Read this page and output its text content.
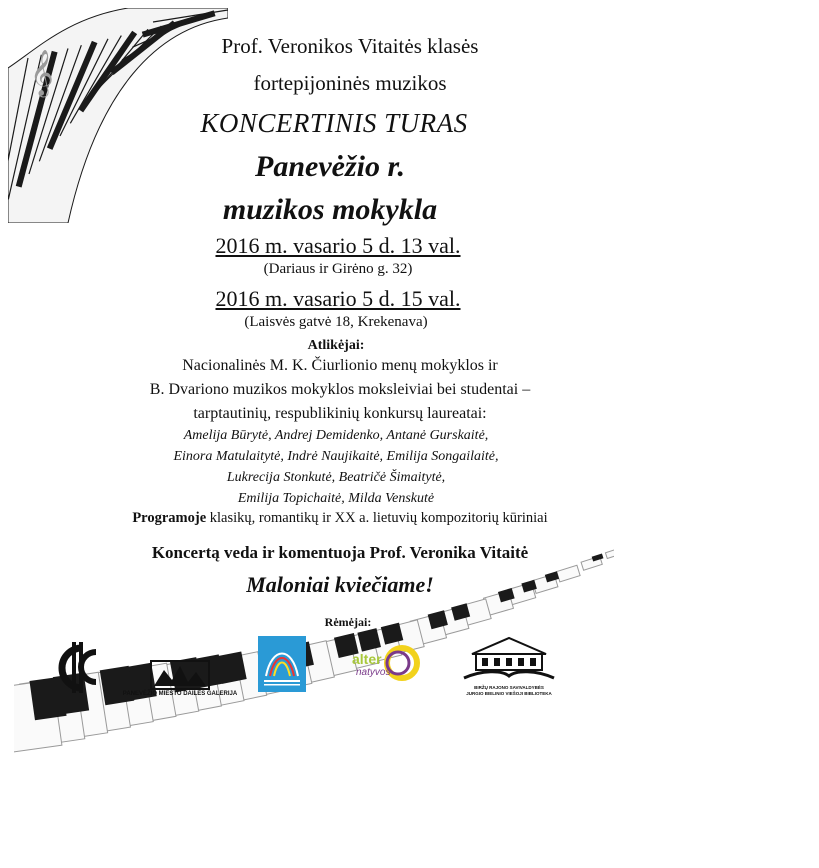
𝄞
Prof. Veronikos Vitaitės klasės
fortepijoninės muzikos
KONCERTINIS TURAS
Panevėžio r.
muzikos mokykla
2016 m. vasario 5 d. 13 val.
(Dariaus ir Girėno g. 32)
2016 m. vasario 5 d. 15 val.
(Laisvės gatvė 18, Krekenava)
Atlikėjai:
Nacionalinės M. K. Čiurlionio menų mokyklos ir
B. Dvariono muzikos mokyklos moksleiviai bei studentai –
tarptautinių, respublikinių konkursų laureatai:
Amelija Būrytė, Andrej Demidenko, Antanė Gurskaitė,
Einora Matulaitytė, Indrė Naujikaitė, Emilija Songailaitė,
Lukrecija Stonkutė, Beatričė Šimaitytė,
Emilija Topichaitė, Milda Venskutė
Programoje klasikų, romantikų ir XX a. lietuvių kompozitorių kūriniai
Koncertą veda ir komentuoja Prof. Veronika Vitaitė
Maloniai kviečiame!
Rėmėjai:
PANEVĖŽIO MIESTO DAILĖS GALERIJA
alter
natyvos
BIRŽŲ RAJONO SAVIVALDYBĖS
JURGIO BIELINIO VIEŠOJI BIBLIOTEKA
